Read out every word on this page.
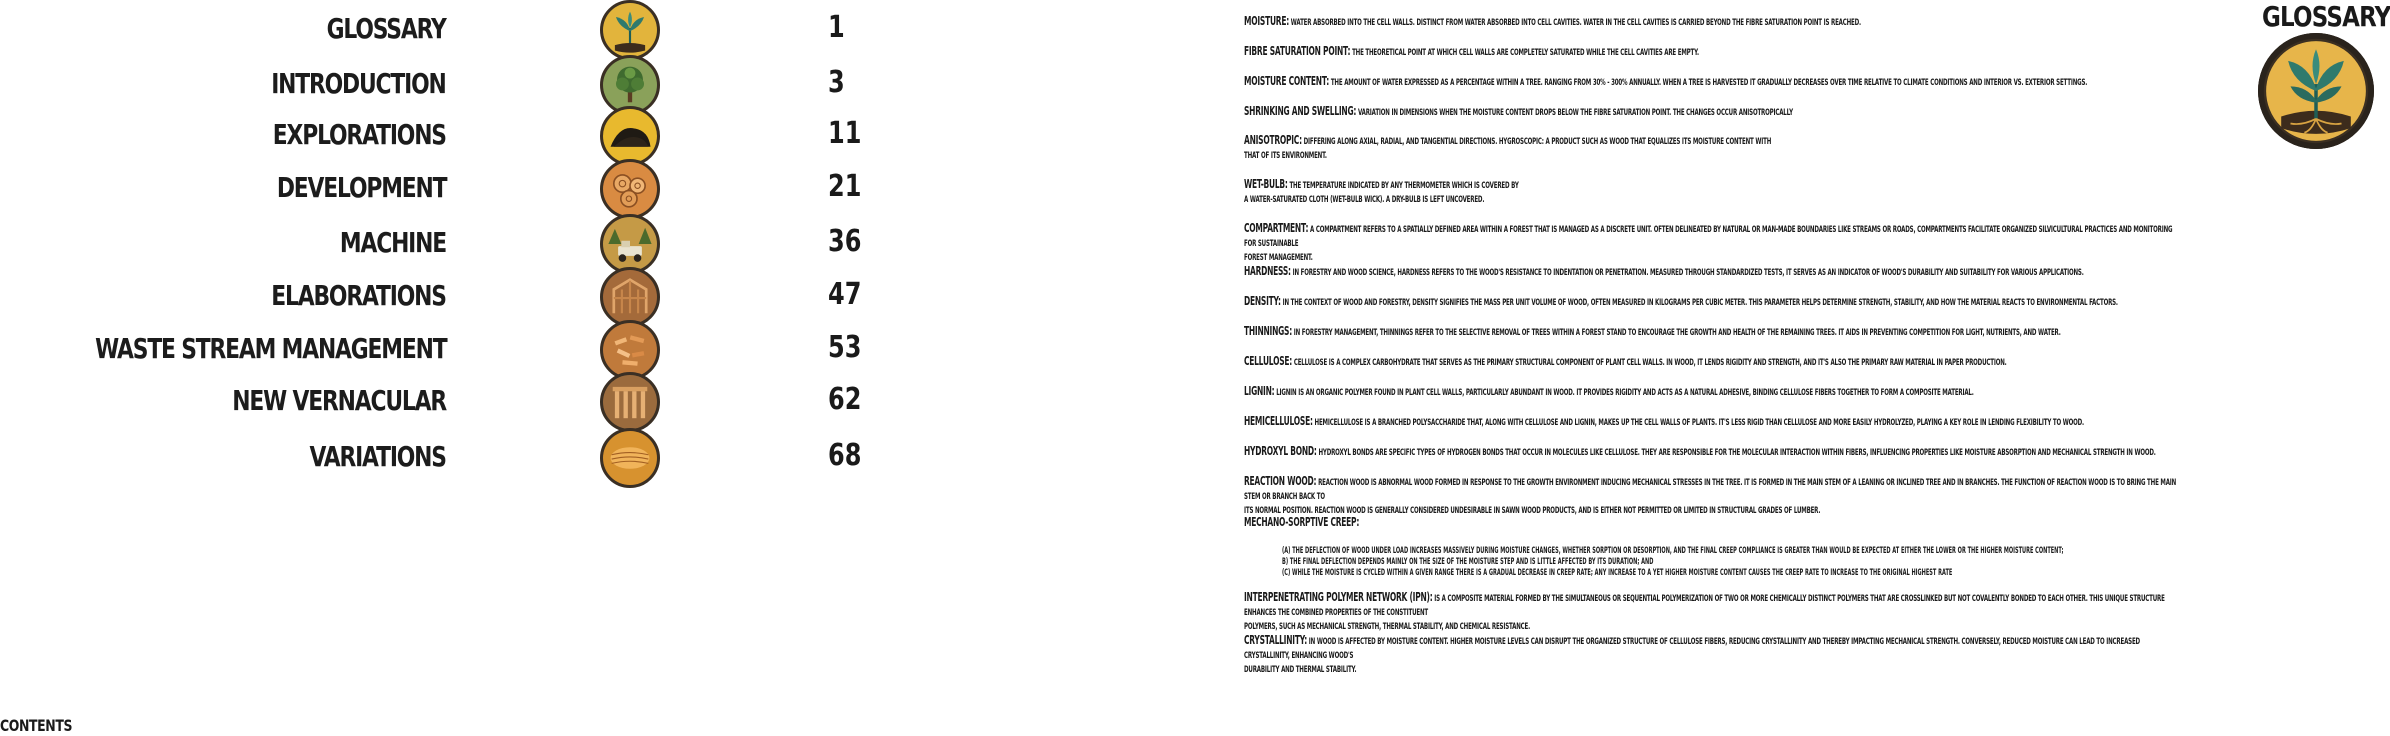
GLOSSARY	1
INTRODUCTION	3
EXPLORATIONS	11
DEVELOPMENT	21
MACHINE	36
ELABORATIONS	47
WASTE STREAM MANAGEMENT	53
NEW VERNACULAR	62
VARIATIONS	68
CONTENTS
GLOSSARY
MOISTURE: WATER ABSORBED INTO THE CELL WALLS. DISTINCT FROM WATER ABSORBED INTO CELL CAVITIES. WATER IN THE CELL CAVITIES IS CARRIED BEYOND THE FIBRE SATURATION POINT IS REACHED.
FIBRE SATURATION POINT: THE THEORETICAL POINT AT WHICH CELL WALLS ARE COMPLETELY SATURATED WHILE THE CELL CAVITIES ARE EMPTY.
MOISTURE CONTENT: THE AMOUNT OF WATER EXPRESSED AS A PERCENTAGE WITHIN A TREE. RANGING FROM 30% - 300% ANNUALLY. WHEN A TREE IS HARVESTED IT GRADUALLY DECREASES OVER TIME RELATIVE TO CLIMATE CONDITIONS AND INTERIOR VS. EXTERIOR SETTINGS.
SHRINKING AND SWELLING: VARIATION IN DIMENSIONS WHEN THE MOISTURE CONTENT DROPS BELOW THE FIBRE SATURATION POINT. THE CHANGES OCCUR ANISOTROPICALLY
ANISOTROPIC: DIFFERING ALONG AXIAL, RADIAL, AND TANGENTIAL DIRECTIONS. HYGROSCOPIC: A PRODUCT SUCH AS WOOD THAT EQUALIZES ITS MOISTURE CONTENT WITH
THAT OF ITS ENVIRONMENT.
WET-BULB: THE TEMPERATURE INDICATED BY ANY THERMOMETER WHICH IS COVERED BY
A WATER-SATURATED CLOTH (WET-BULB WICK). A DRY-BULB IS LEFT UNCOVERED.
COMPARTMENT: A COMPARTMENT REFERS TO A SPATIALLY DEFINED AREA WITHIN A FOREST THAT IS MANAGED AS A DISCRETE UNIT. OFTEN DELINEATED BY NATURAL OR MAN-MADE BOUNDARIES LIKE STREAMS OR ROADS, COMPARTMENTS FACILITATE ORGANIZED SILVICULTURAL PRACTICES AND MONITORING FOR SUSTAINABLE
FOREST MANAGEMENT.
HARDNESS: IN FORESTRY AND WOOD SCIENCE, HARDNESS REFERS TO THE WOOD'S RESISTANCE TO INDENTATION OR PENETRATION. MEASURED THROUGH STANDARDIZED TESTS, IT SERVES AS AN INDICATOR OF WOOD'S DURABILITY AND SUITABILITY FOR VARIOUS APPLICATIONS.
DENSITY: IN THE CONTEXT OF WOOD AND FORESTRY, DENSITY SIGNIFIES THE MASS PER UNIT VOLUME OF WOOD, OFTEN MEASURED IN KILOGRAMS PER CUBIC METER. THIS PARAMETER HELPS DETERMINE STRENGTH, STABILITY, AND HOW THE MATERIAL REACTS TO ENVIRONMENTAL FACTORS.
THINNINGS: IN FORESTRY MANAGEMENT, THINNINGS REFER TO THE SELECTIVE REMOVAL OF TREES WITHIN A FOREST STAND TO ENCOURAGE THE GROWTH AND HEALTH OF THE REMAINING TREES. IT AIDS IN PREVENTING COMPETITION FOR LIGHT, NUTRIENTS, AND WATER.
CELLULOSE: CELLULOSE IS A COMPLEX CARBOHYDRATE THAT SERVES AS THE PRIMARY STRUCTURAL COMPONENT OF PLANT CELL WALLS. IN WOOD, IT LENDS RIGIDITY AND STRENGTH, AND IT'S ALSO THE PRIMARY RAW MATERIAL IN PAPER PRODUCTION.
LIGNIN: LIGNIN IS AN ORGANIC POLYMER FOUND IN PLANT CELL WALLS, PARTICULARLY ABUNDANT IN WOOD. IT PROVIDES RIGIDITY AND ACTS AS A NATURAL ADHESIVE, BINDING CELLULOSE FIBERS TOGETHER TO FORM A COMPOSITE MATERIAL.
HEMICELLULOSE: HEMICELLULOSE IS A BRANCHED POLYSACCHARIDE THAT, ALONG WITH CELLULOSE AND LIGNIN, MAKES UP THE CELL WALLS OF PLANTS. IT'S LESS RIGID THAN CELLULOSE AND MORE EASILY HYDROLYZED, PLAYING A KEY ROLE IN LENDING FLEXIBILITY TO WOOD.
HYDROXYL BOND: HYDROXYL BONDS ARE SPECIFIC TYPES OF HYDROGEN BONDS THAT OCCUR IN MOLECULES LIKE CELLULOSE. THEY ARE RESPONSIBLE FOR THE MOLECULAR INTERACTION WITHIN FIBERS, INFLUENCING PROPERTIES LIKE MOISTURE ABSORPTION AND MECHANICAL STRENGTH IN WOOD.
REACTION WOOD: REACTION WOOD IS ABNORMAL WOOD FORMED IN RESPONSE TO THE GROWTH ENVIRONMENT INDUCING MECHANICAL STRESSES IN THE TREE. IT IS FORMED IN THE MAIN STEM OF A LEANING OR INCLINED TREE AND IN BRANCHES. THE FUNCTION OF REACTION WOOD IS TO BRING THE MAIN STEM OR BRANCH BACK TO
ITS NORMAL POSITION. REACTION WOOD IS GENERALLY CONSIDERED UNDESIRABLE IN SAWN WOOD PRODUCTS, AND IS EITHER NOT PERMITTED OR LIMITED IN STRUCTURAL GRADES OF LUMBER.
MECHANO-SORPTIVE CREEP:
INTERPENETRATING POLYMER NETWORK (IPN): IS A COMPOSITE MATERIAL FORMED BY THE SIMULTANEOUS OR SEQUENTIAL POLYMERIZATION OF TWO OR MORE CHEMICALLY DISTINCT POLYMERS THAT ARE CROSSLINKED BUT NOT COVALENTLY BONDED TO EACH OTHER. THIS UNIQUE STRUCTURE ENHANCES THE COMBINED PROPERTIES OF THE CONSTITUENT
POLYMERS, SUCH AS MECHANICAL STRENGTH, THERMAL STABILITY, AND CHEMICAL RESISTANCE.
CRYSTALLINITY: IN WOOD IS AFFECTED BY MOISTURE CONTENT. HIGHER MOISTURE LEVELS CAN DISRUPT THE ORGANIZED STRUCTURE OF CELLULOSE FIBERS, REDUCING CRYSTALLINITY AND THEREBY IMPACTING MECHANICAL STRENGTH. CONVERSELY, REDUCED MOISTURE CAN LEAD TO INCREASED CRYSTALLINITY, ENHANCING WOOD'S
DURABILITY AND THERMAL STABILITY.
(A) THE DEFLECTION OF WOOD UNDER LOAD INCREASES MASSIVELY DURING MOISTURE CHANGES, WHETHER SORPTION OR DESORPTION, AND THE FINAL CREEP COMPLIANCE IS GREATER THAN WOULD BE EXPECTED AT EITHER THE LOWER OR THE HIGHER MOISTURE CONTENT;
B) THE FINAL DEFLECTION DEPENDS MAINLY ON THE SIZE OF THE MOISTURE STEP AND IS LITTLE AFFECTED BY ITS DURATION; AND
(C) WHILE THE MOISTURE IS CYCLED WITHIN A GIVEN RANGE THERE IS A GRADUAL DECREASE IN CREEP RATE; ANY INCREASE TO A YET HIGHER MOISTURE CONTENT CAUSES THE CREEP RATE TO INCREASE TO THE ORIGINAL HIGHEST RATE
